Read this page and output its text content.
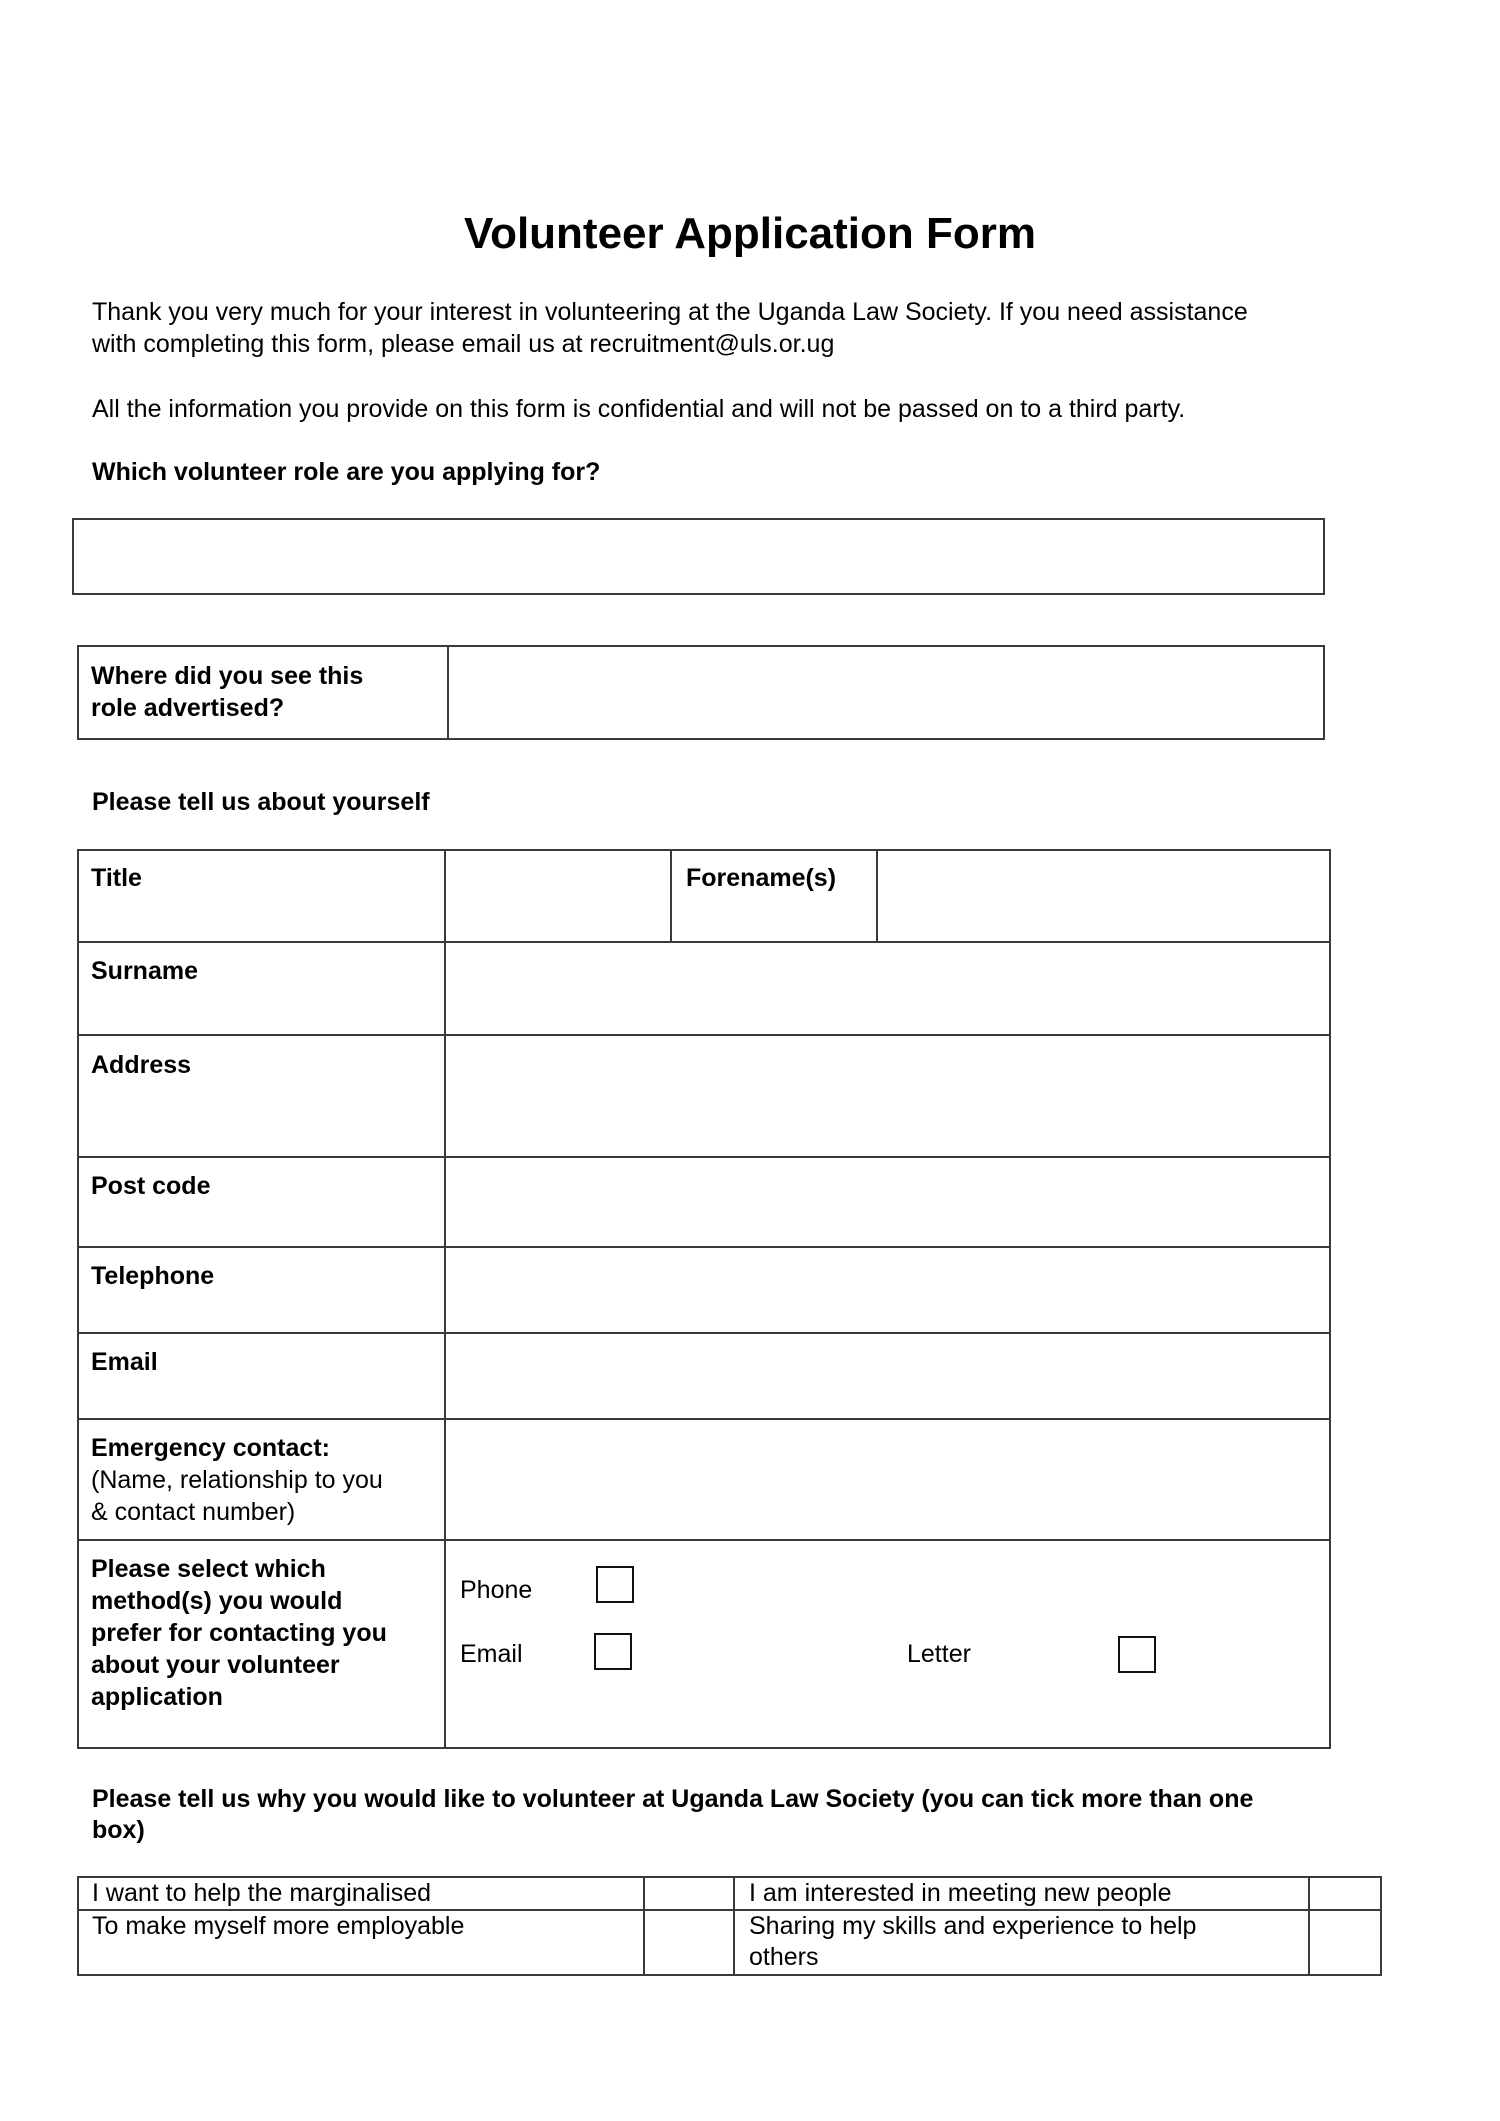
Volunteer Application Form
Thank you very much for your interest in volunteering at the Uganda Law Society. If you need assistance
with completing this form, please email us at recruitment@uls.or.ug
All the information you provide on this form is confidential and will not be passed on to a third party.
Which volunteer role are you applying for?
Where did you see this
role advertised?
Please tell us about yourself
Title	Forename(s)
Surname
Address
Post code
Telephone
Email
Emergency contact:
(Name, relationship to you
& contact number)
Please select which
method(s) you would
prefer for contacting you
about your volunteer
application
Phone
Email	Letter
Please tell us why you would like to volunteer at Uganda Law Society (you can tick more than one
box)
I want to help the marginalised	I am interested in meeting new people
To make myself more employable	Sharing my skills and experience to help
others
